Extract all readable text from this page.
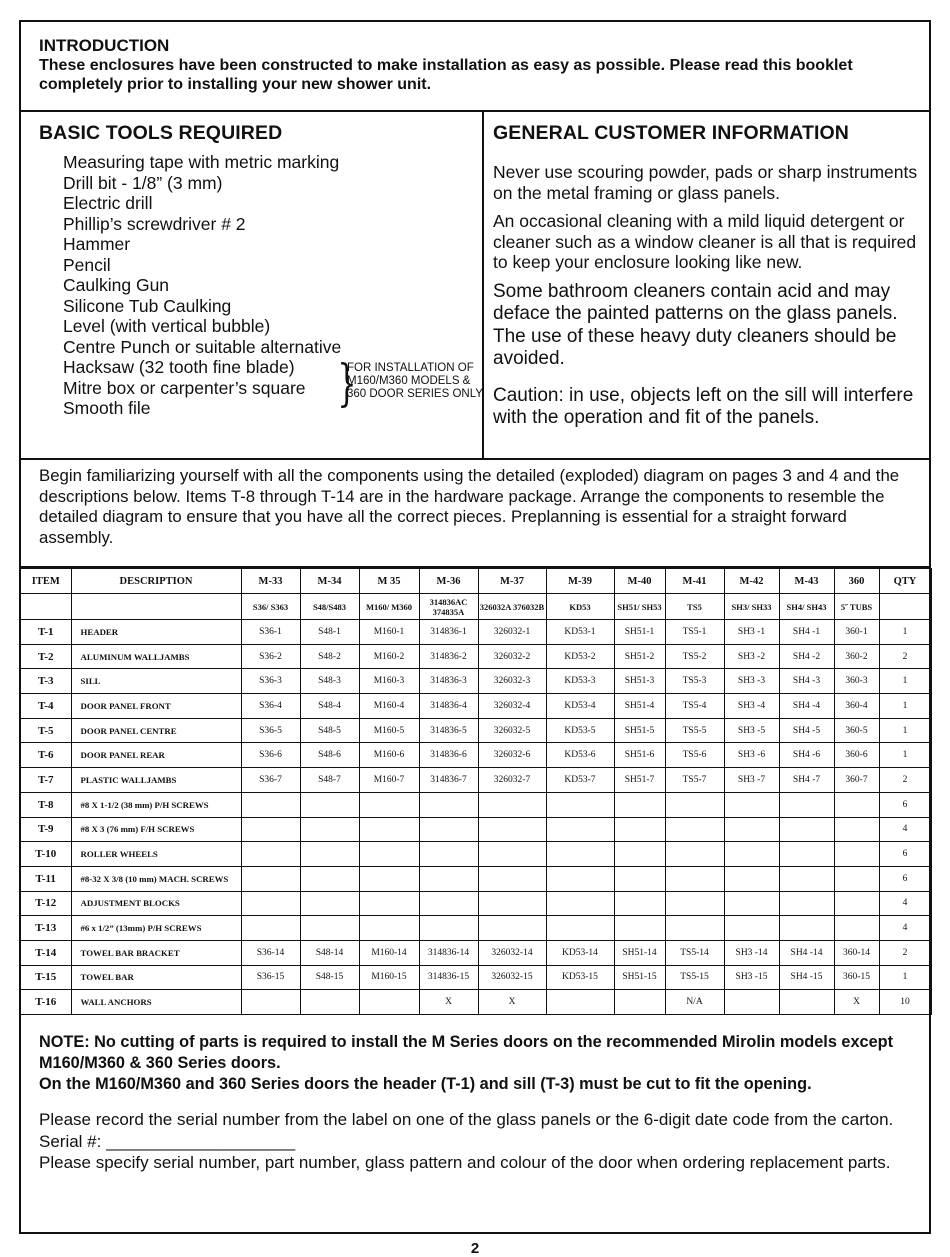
INTRODUCTION

These enclosures have been constructed to make installation as easy as possible. Please read this booklet completely prior to installing your new shower unit.

BASIC TOOLS REQUIRED
Measuring tape with metric marking
Drill bit - 1/8” (3 mm)
Electric drill
Phillip’s screwdriver # 2
Hammer
Pencil
Caulking Gun
Silicone Tub Caulking
Level (with vertical bubble)
Centre Punch or suitable alternative
Hacksaw (32 tooth fine blade)
Mitre box or carpenter’s square
Smooth file	}
FOR INSTALLATION OF M160/M360 MODELS & 360 DOOR SERIES ONLY.
GENERAL CUSTOMER INFORMATION

Never use scouring powder, pads or sharp instruments on the metal framing or glass panels.

An occasional cleaning with a mild liquid detergent or cleaner such as a window cleaner is all that is required to keep your enclosure looking like new.

Some bathroom cleaners contain acid and may deface the painted patterns on the glass panels. The use of these heavy duty cleaners should be avoided.

Caution: in use, objects left on the sill will interfere with the operation and fit of the panels.

Begin familiarizing yourself with all the components using the detailed (exploded) diagram on pages 3 and 4 and the descriptions below. Items T-8 through T-14 are in the hardware package. Arrange the components to resemble the detailed diagram to ensure that you have all the correct pieces. Preplanning is essential for a straight forward assembly.
ITEM	DESCRIPTION	M-33	M-34	M 35	M-36	M-37	M-39	M-40	M-41	M-42	M-43	360	QTY
		S36/ S363	S48/S483	M160/ M360	314836AC 374835A	326032A 376032B	KD53	SH51/ SH53	TS5	SH3/ SH33	SH4/ SH43	5˝ TUBS	
T-1	HEADER	S36-1	S48-1	M160-1	314836-1	326032-1	KD53-1	SH51-1	TS5-1	SH3 -1	SH4 -1	360-1	1
T-2	ALUMINUM WALLJAMBS	S36-2	S48-2	M160-2	314836-2	326032-2	KD53-2	SH51-2	TS5-2	SH3 -2	SH4 -2	360-2	2
T-3	SILL	S36-3	S48-3	M160-3	314836-3	326032-3	KD53-3	SH51-3	TS5-3	SH3 -3	SH4 -3	360-3	1
T-4	DOOR PANEL FRONT	S36-4	S48-4	M160-4	314836-4	326032-4	KD53-4	SH51-4	TS5-4	SH3 -4	SH4 -4	360-4	1
T-5	DOOR PANEL CENTRE	S36-5	S48-5	M160-5	314836-5	326032-5	KD53-5	SH51-5	TS5-5	SH3 -5	SH4 -5	360-5	1
T-6	DOOR PANEL REAR	S36-6	S48-6	M160-6	314836-6	326032-6	KD53-6	SH51-6	TS5-6	SH3 -6	SH4 -6	360-6	1
T-7	PLASTIC WALLJAMBS	S36-7	S48-7	M160-7	314836-7	326032-7	KD53-7	SH51-7	TS5-7	SH3 -7	SH4 -7	360-7	2
T-8	#8 X 1-1/2 (38 mm) P/H SCREWS												6
T-9	#8 X 3 (76 mm) F/H SCREWS												4
T-10	ROLLER WHEELS												6
T-11	#8-32 X 3/8 (10 mm) MACH. SCREWS												6
T-12	ADJUSTMENT BLOCKS												4
T-13	#6 x 1/2” (13mm) P/H SCREWS												4
T-14	TOWEL BAR BRACKET	S36-14	S48-14	M160-14	314836-14	326032-14	KD53-14	SH51-14	TS5-14	SH3 -14	SH4 -14	360-14	2
T-15	TOWEL BAR	S36-15	S48-15	M160-15	314836-15	326032-15	KD53-15	SH51-15	TS5-15	SH3 -15	SH4 -15	360-15	1
T-16	WALL ANCHORS				X	X			N/A			X	10

NOTE: No cutting of parts is required to install the M Series doors on the recommended Mirolin models except M160/M360 & 360 Series doors.

On the M160/M360 and 360 Series doors the header (T-1) and sill (T-3) must be cut to fit the opening.

Please record the serial number from the label on one of the glass panels or the 6-digit date code from the carton. Serial #: ____________________

Please specify serial number, part number, glass pattern and colour of the door when ordering replacement parts.

2
